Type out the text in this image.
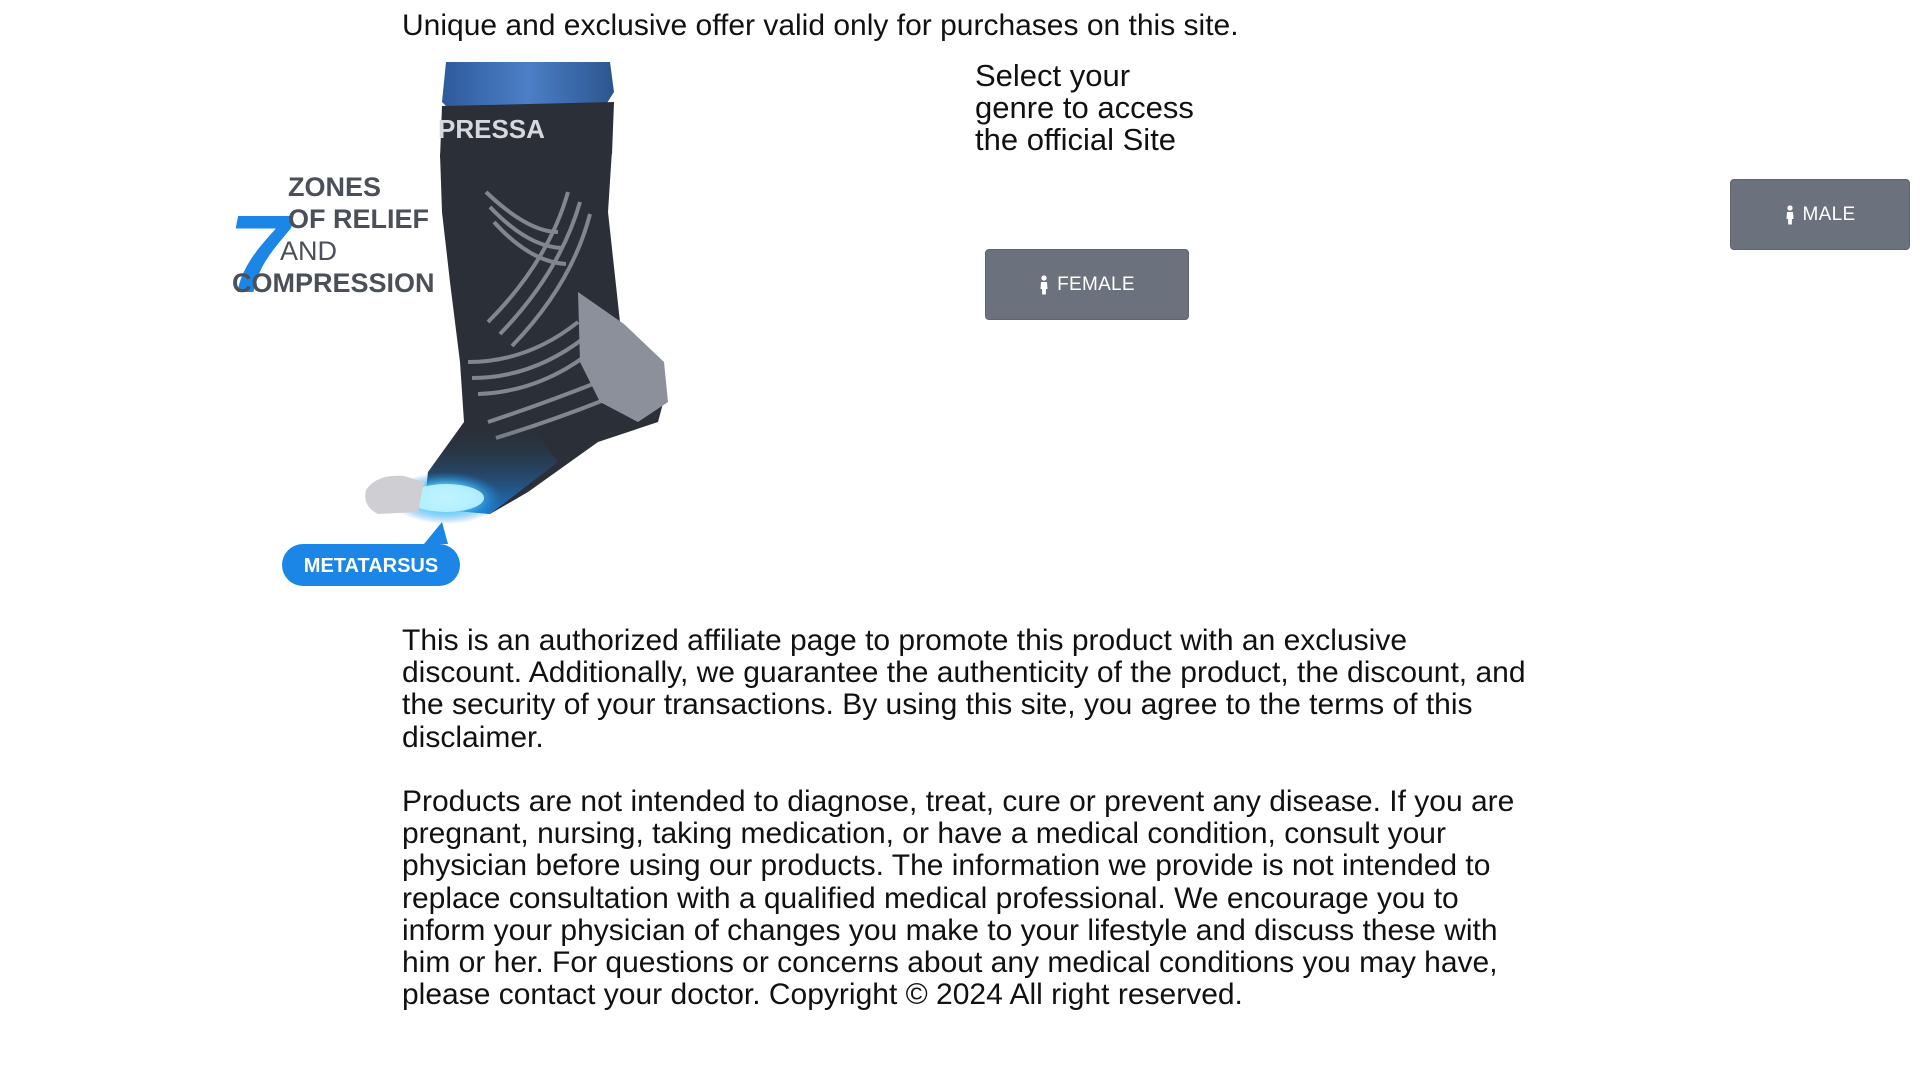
Unique and exclusive offer valid only for purchases on this site.
PRESSA
7
ZONES
OF RELIEF
AND
COMPRESSION
METATARSUS
Select your
genre to access
the official Site
FEMALE
MALE

This is an authorized affiliate page to promote this product with an exclusive discount. Additionally, we guarantee the authenticity of the product, the discount, and the security of your transactions. By using this site, you agree to the terms of this disclaimer.

Products are not intended to diagnose, treat, cure or prevent any disease. If you are pregnant, nursing, taking medication, or have a medical condition, consult your physician before using our products. The information we provide is not intended to replace consultation with a qualified medical professional. We encourage you to inform your physician of changes you make to your lifestyle and discuss these with him or her. For questions or concerns about any medical conditions you may have, please contact your doctor. Copyright © 2024 All right reserved.
